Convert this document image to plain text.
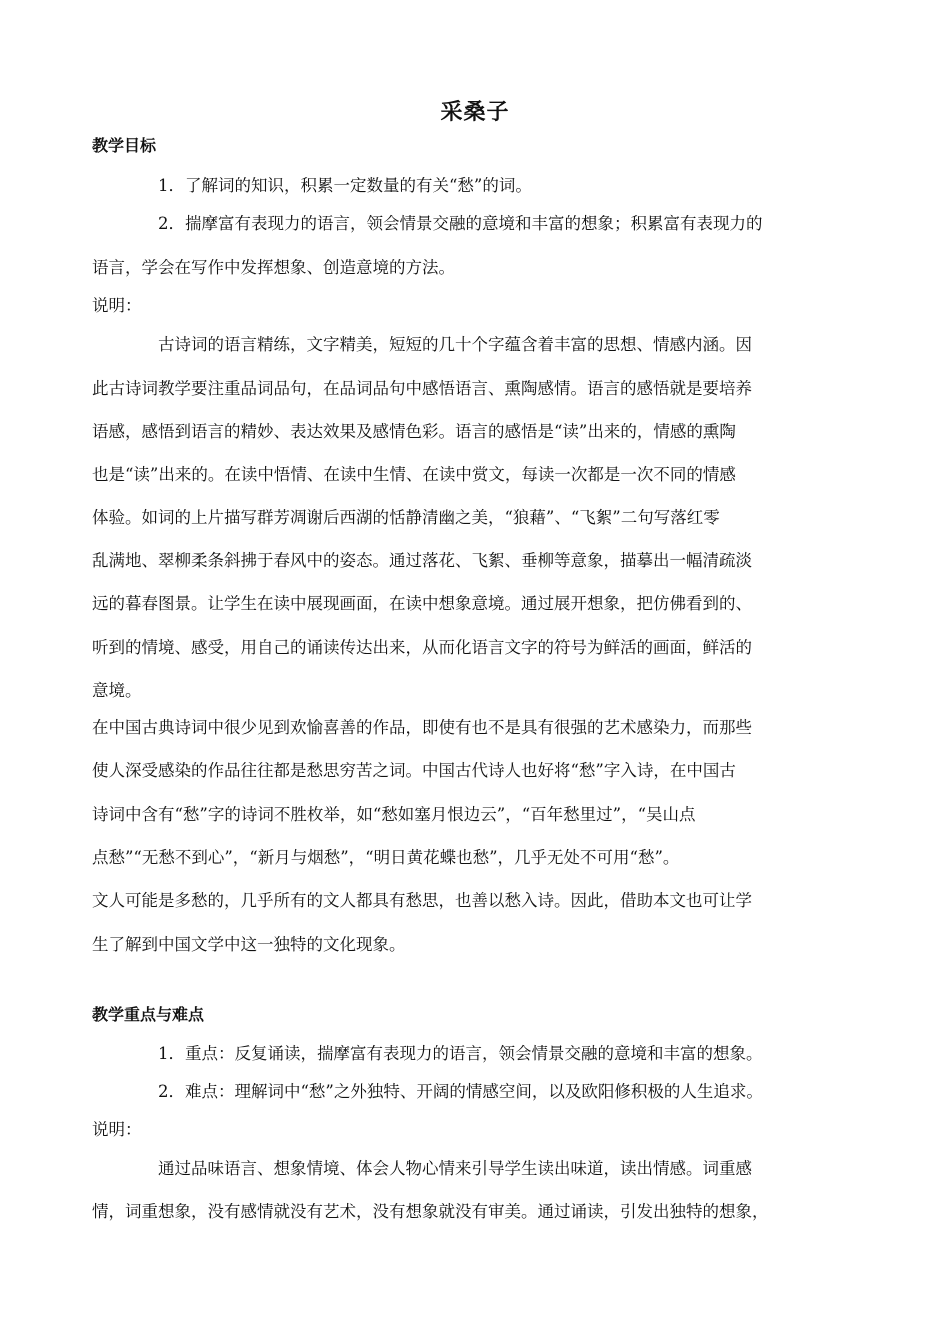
采桑子
教学目标
1．了解词的知识，积累一定数量的有关“愁”的词。
2．揣摩富有表现力的语言，领会情景交融的意境和丰富的想象；积累富有表现力的
语言，学会在写作中发挥想象、创造意境的方法。
说明：
古诗词的语言精练，文字精美，短短的几十个字蕴含着丰富的思想、情感内涵。因
此古诗词教学要注重品词品句，在品词品句中感悟语言、熏陶感情。语言的感悟就是要培养
语感，感悟到语言的精妙、表达效果及感情色彩。语言的感悟是“读”出来的，情感的熏陶
也是“读”出来的。在读中悟情、在读中生情、在读中赏文，每读一次都是一次不同的情感
体验。如词的上片描写群芳凋谢后西湖的恬静清幽之美，“狼藉”、“飞絮”二句写落红零
乱满地、翠柳柔条斜拂于春风中的姿态。通过落花、飞絮、垂柳等意象，描摹出一幅清疏淡
远的暮春图景。让学生在读中展现画面，在读中想象意境。通过展开想象，把仿佛看到的、
听到的情境、感受，用自己的诵读传达出来，从而化语言文字的符号为鲜活的画面，鲜活的
意境。
在中国古典诗词中很少见到欢愉喜善的作品，即使有也不是具有很强的艺术感染力，而那些
使人深受感染的作品往往都是愁思穷苦之词。中国古代诗人也好将“愁”字入诗，在中国古
诗词中含有“愁”字的诗词不胜枚举，如“愁如塞月恨边云”，“百年愁里过”，“吴山点
点愁”“无愁不到心”，“新月与烟愁”，“明日黄花蝶也愁”，几乎无处不可用“愁”。
文人可能是多愁的，几乎所有的文人都具有愁思，也善以愁入诗。因此，借助本文也可让学
生了解到中国文学中这一独特的文化现象。
教学重点与难点
1．重点：反复诵读，揣摩富有表现力的语言，领会情景交融的意境和丰富的想象。
2．难点：理解词中“愁”之外独特、开阔的情感空间，以及欧阳修积极的人生追求。
说明：
通过品味语言、想象情境、体会人物心情来引导学生读出味道，读出情感。词重感
情，词重想象，没有感情就没有艺术，没有想象就没有审美。通过诵读，引发出独特的想象，
